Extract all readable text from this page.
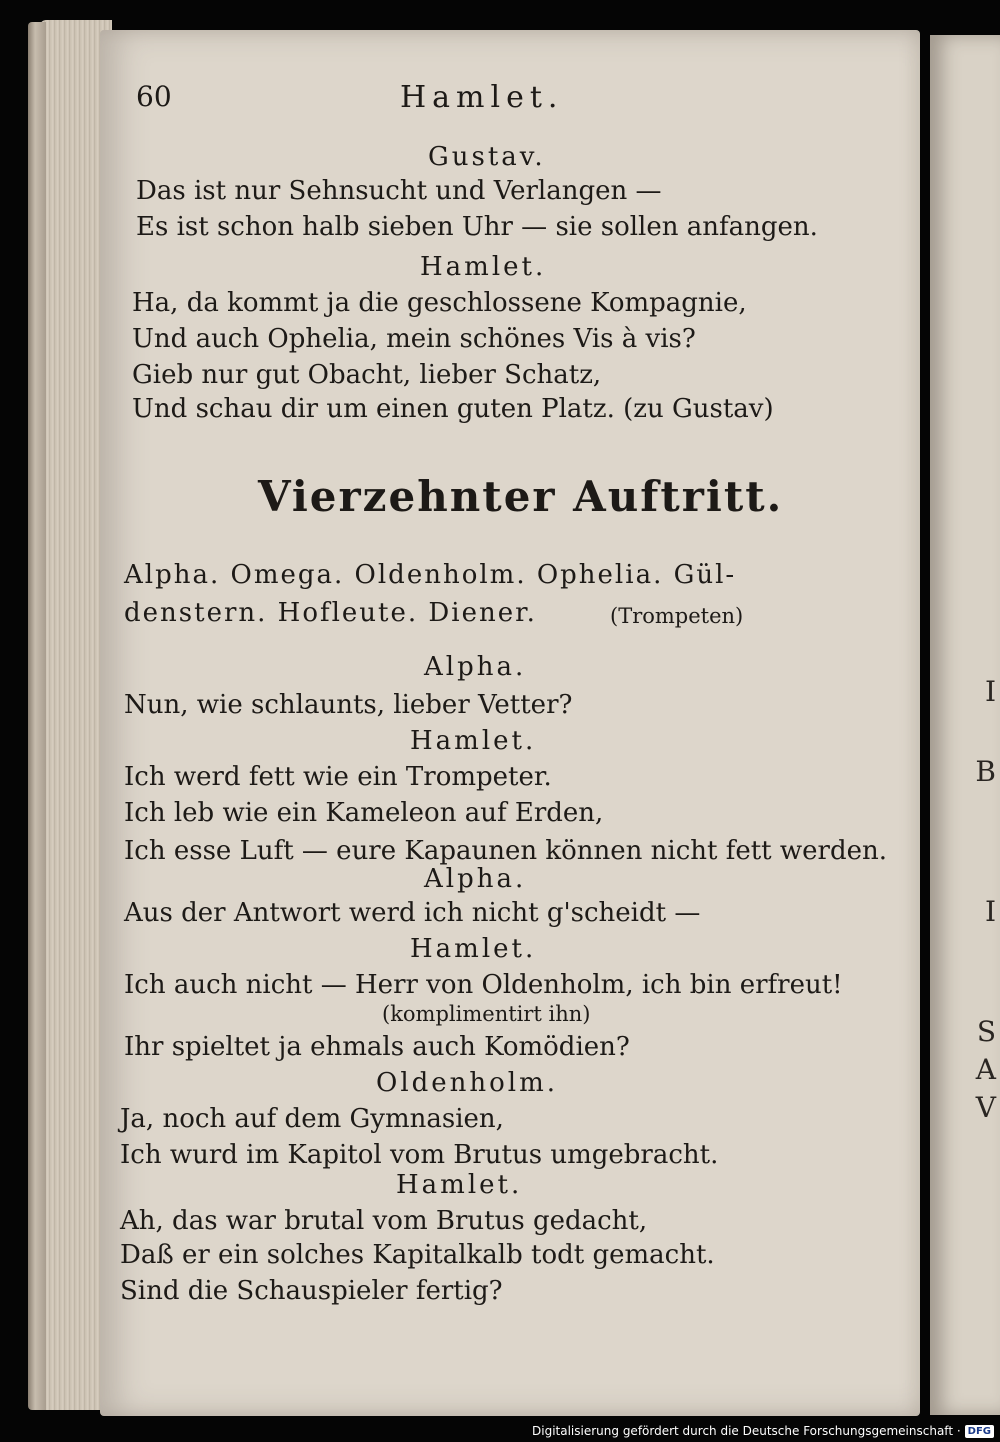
S
A
V
I
B
I
60	Hamlet.
Gustav.
Das ist nur Sehnsucht und Verlangen —
Es ist schon halb sieben Uhr — sie sollen anfangen.
Hamlet.
Ha, da kommt ja die geschlossene Kompagnie,
Und auch Ophelia, mein schönes Vis à vis?
Gieb nur gut Obacht, lieber Schatz,
Und schau dir um einen guten Platz. (zu Gustav)
Vierzehnter Auftritt.
Alpha. Omega. Oldenholm. Ophelia. Gül-
denstern. Hofleute. Diener.	(Trompeten)
Alpha.
Nun, wie schlaunts, lieber Vetter?
Hamlet.
Ich werd fett wie ein Trompeter.
Ich leb wie ein Kameleon auf Erden,
Ich esse Luft — eure Kapaunen können nicht fett werden.
Alpha.
Aus der Antwort werd ich nicht g'scheidt —
Hamlet.
Ich auch nicht — Herr von Oldenholm, ich bin erfreut!
(komplimentirt ihn)
Ihr spieltet ja ehmals auch Komödien?
Oldenholm.
Ja, noch auf dem Gymnasien,
Ich wurd im Kapitol vom Brutus umgebracht.
Hamlet.
Ah, das war brutal vom Brutus gedacht,
Daß er ein solches Kapitalkalb todt gemacht.
Sind die Schauspieler fertig?
Digitalisierung gefördert durch die Deutsche Forschungsgemeinschaft · DFG
